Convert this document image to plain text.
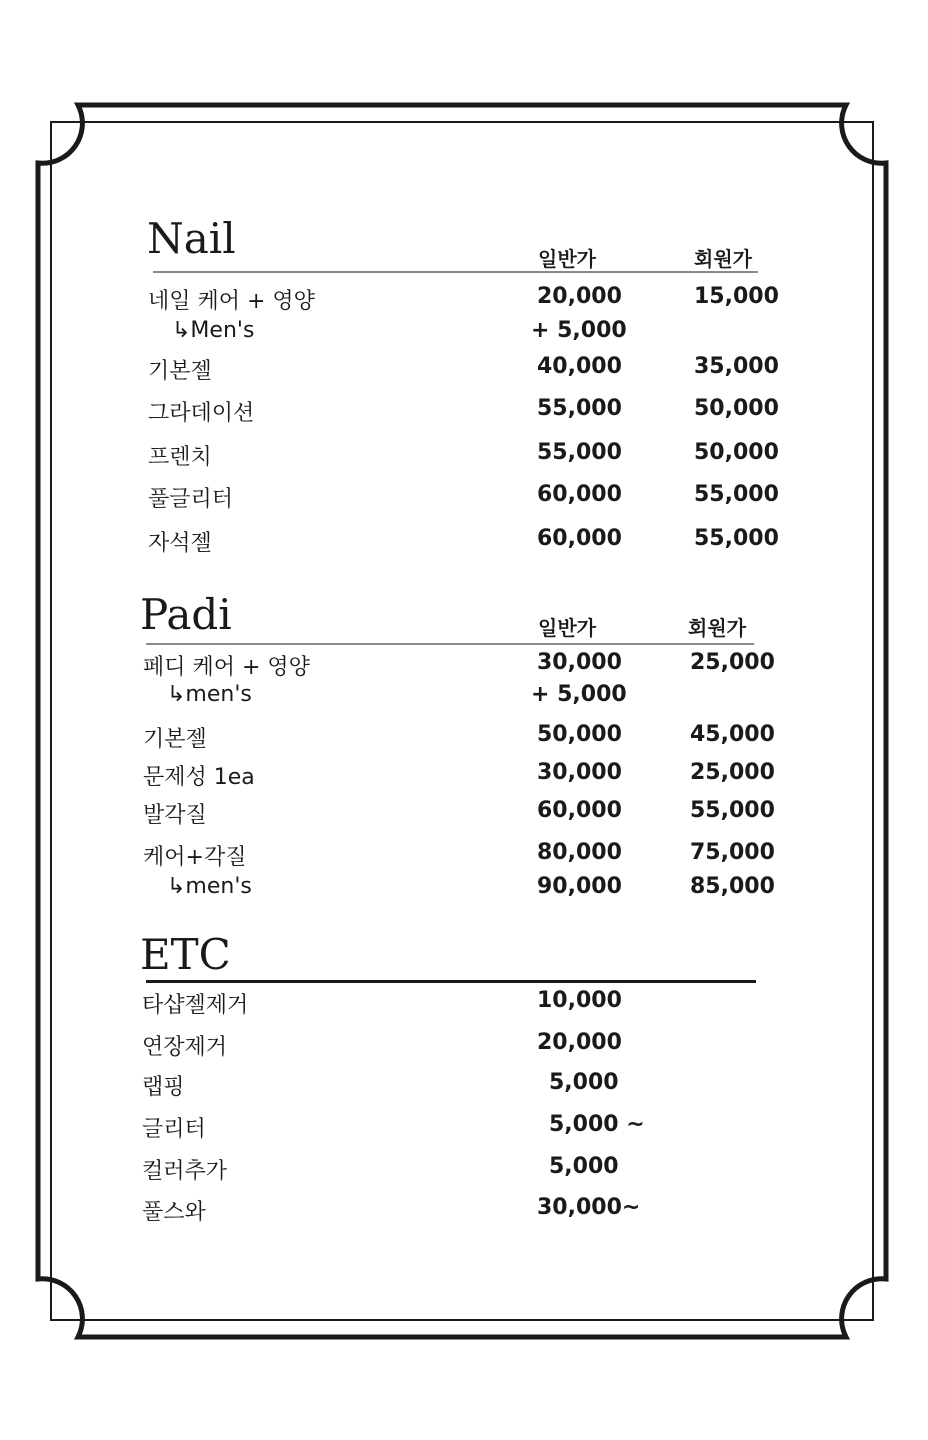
Nail	일반가	회원가
네일 케어 + 영양	20,000	15,000
↳Men's	+ 5,000
기본젤	40,000	35,000
그라데이션	55,000	50,000
프렌치	55,000	50,000
풀글리터	60,000	55,000
자석젤	60,000	55,000
Padi	일반가	회원가
페디 케어 + 영양	30,000	25,000
↳men's	+ 5,000
기본젤	50,000	45,000
문제성 1ea	30,000	25,000
발각질	60,000	55,000
케어+각질	80,000	75,000
↳men's	90,000	85,000
ETC
타샵젤제거	10,000
연장제거	20,000
랩핑	5,000
글리터	5,000 ~
컬러추가	5,000
풀스와	30,000~
